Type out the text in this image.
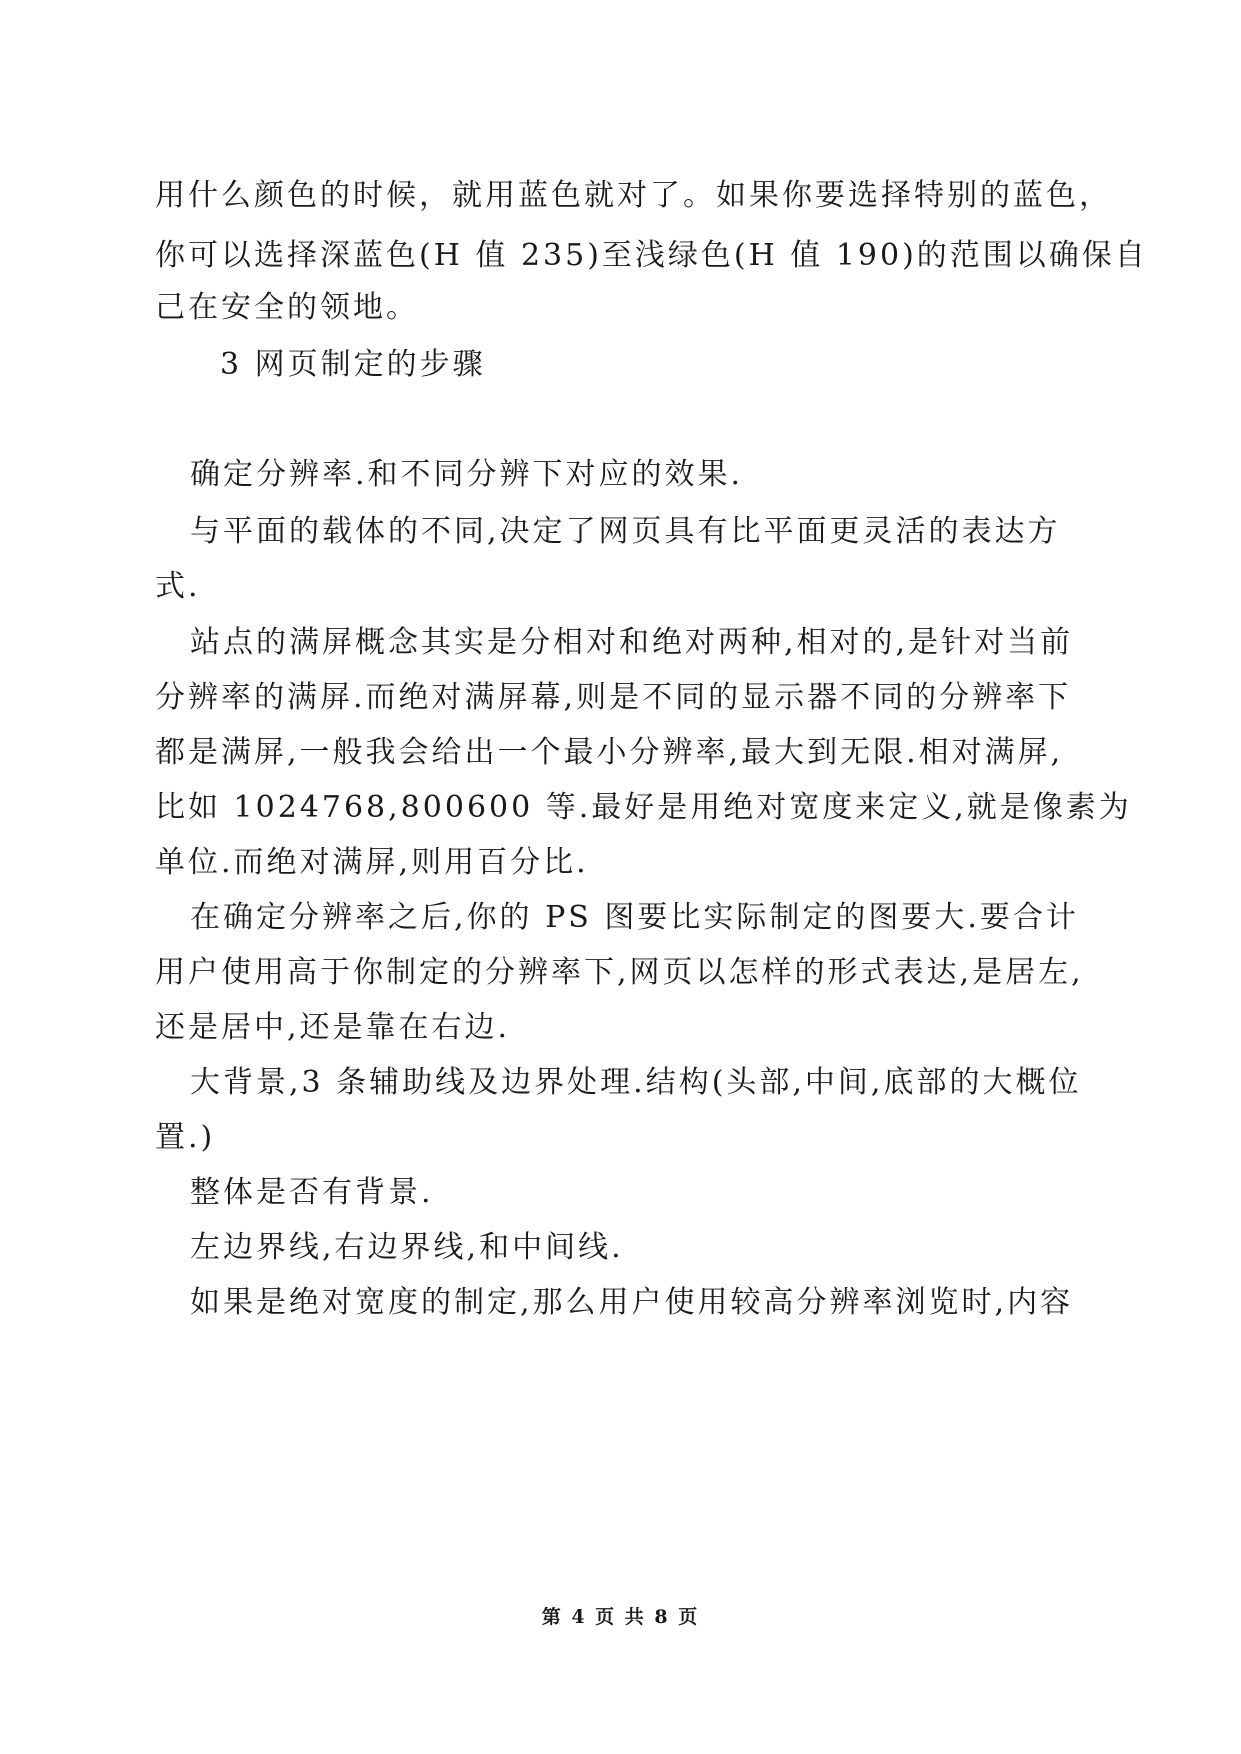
用什么颜色的时候，就用蓝色就对了。如果你要选择特别的蓝色，
你可以选择深蓝色(H 值 235)至浅绿色(H 值 190)的范围以确保自
己在安全的领地。
3 网页制定的步骤
确定分辨率.和不同分辨下对应的效果.
与平面的载体的不同,决定了网页具有比平面更灵活的表达方
式.
站点的满屏概念其实是分相对和绝对两种,相对的,是针对当前
分辨率的满屏.而绝对满屏幕,则是不同的显示器不同的分辨率下
都是满屏,一般我会给出一个最小分辨率,最大到无限.相对满屏,
比如 1024768,800600 等.最好是用绝对宽度来定义,就是像素为
单位.而绝对满屏,则用百分比.
在确定分辨率之后,你的 PS 图要比实际制定的图要大.要合计
用户使用高于你制定的分辨率下,网页以怎样的形式表达,是居左,
还是居中,还是靠在右边.
大背景,3 条辅助线及边界处理.结构(头部,中间,底部的大概位
置.)
整体是否有背景.
左边界线,右边界线,和中间线.
如果是绝对宽度的制定,那么用户使用较高分辨率浏览时,内容
第 4 页 共 8 页
